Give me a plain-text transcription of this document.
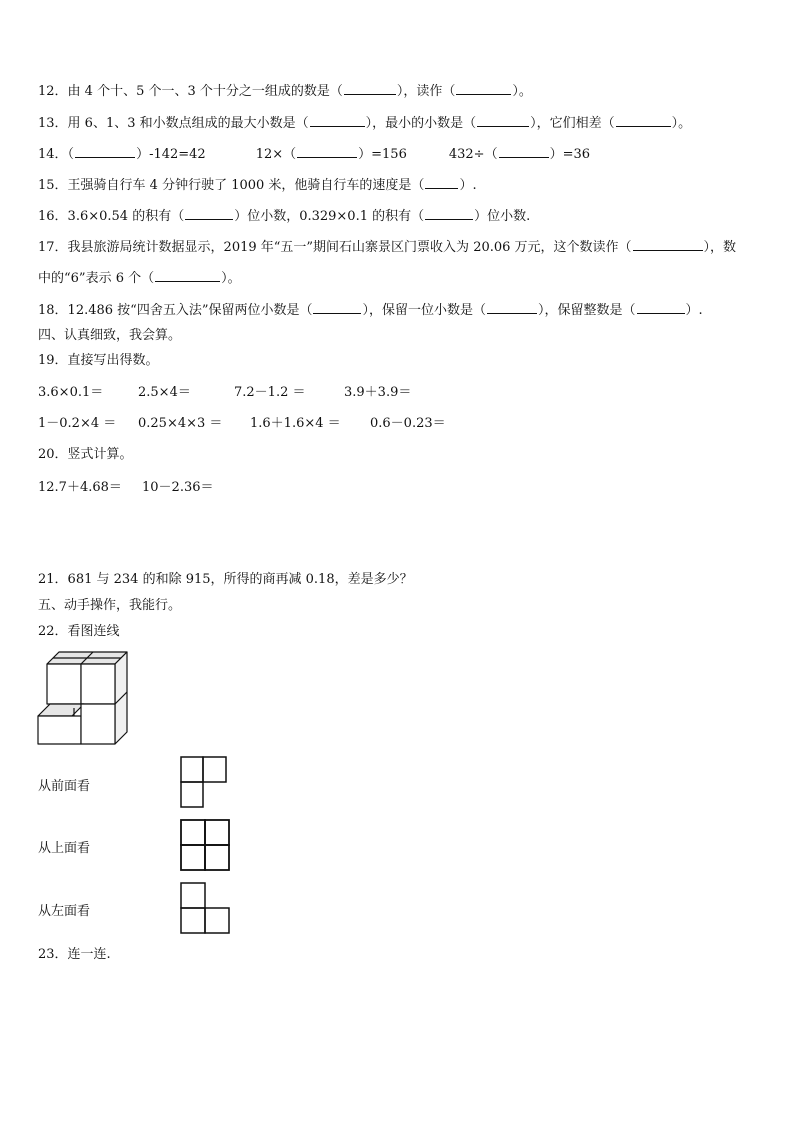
12．由 4 个十、5 个一、3 个十分之一组成的数是（	），读作（	）。
13．用 6、1、3 和小数点组成的最大小数是（	），最小的小数是（	），它们相差（	）。
14．（	）-142=42	12×（	）=156	432÷（	）=36
15．王强骑自行车 4 分钟行驶了 1000 米，他骑自行车的速度是（	）.
16．3.6×0.54 的积有（	）位小数，0.329×0.1 的积有（	）位小数.
17．我县旅游局统计数据显示，2019 年“五一”期间石山寨景区门票收入为 20.06 万元，这个数读作（	），数
中的“6”表示 6 个（	）。
18．12.486 按“四舍五入法”保留两位小数是（	），保留一位小数是（	），保留整数是（	）.
四、认真细致，我会算。
19．直接写出得数。
3.6×0.1＝	2.5×4＝	7.2－1.2 ＝	3.9＋3.9＝
1－0.2×4 ＝ 0.25×4×3 ＝ 1.6＋1.6×4 ＝ 0.6－0.23＝
20．竖式计算。
12.7＋4.68＝ 10－2.36＝
21．681 与 234 的和除 915，所得的商再减 0.18，差是多少？
五、动手操作，我能行。
22．看图连线
从前面看
从上面看
从左面看
23．连一连.
